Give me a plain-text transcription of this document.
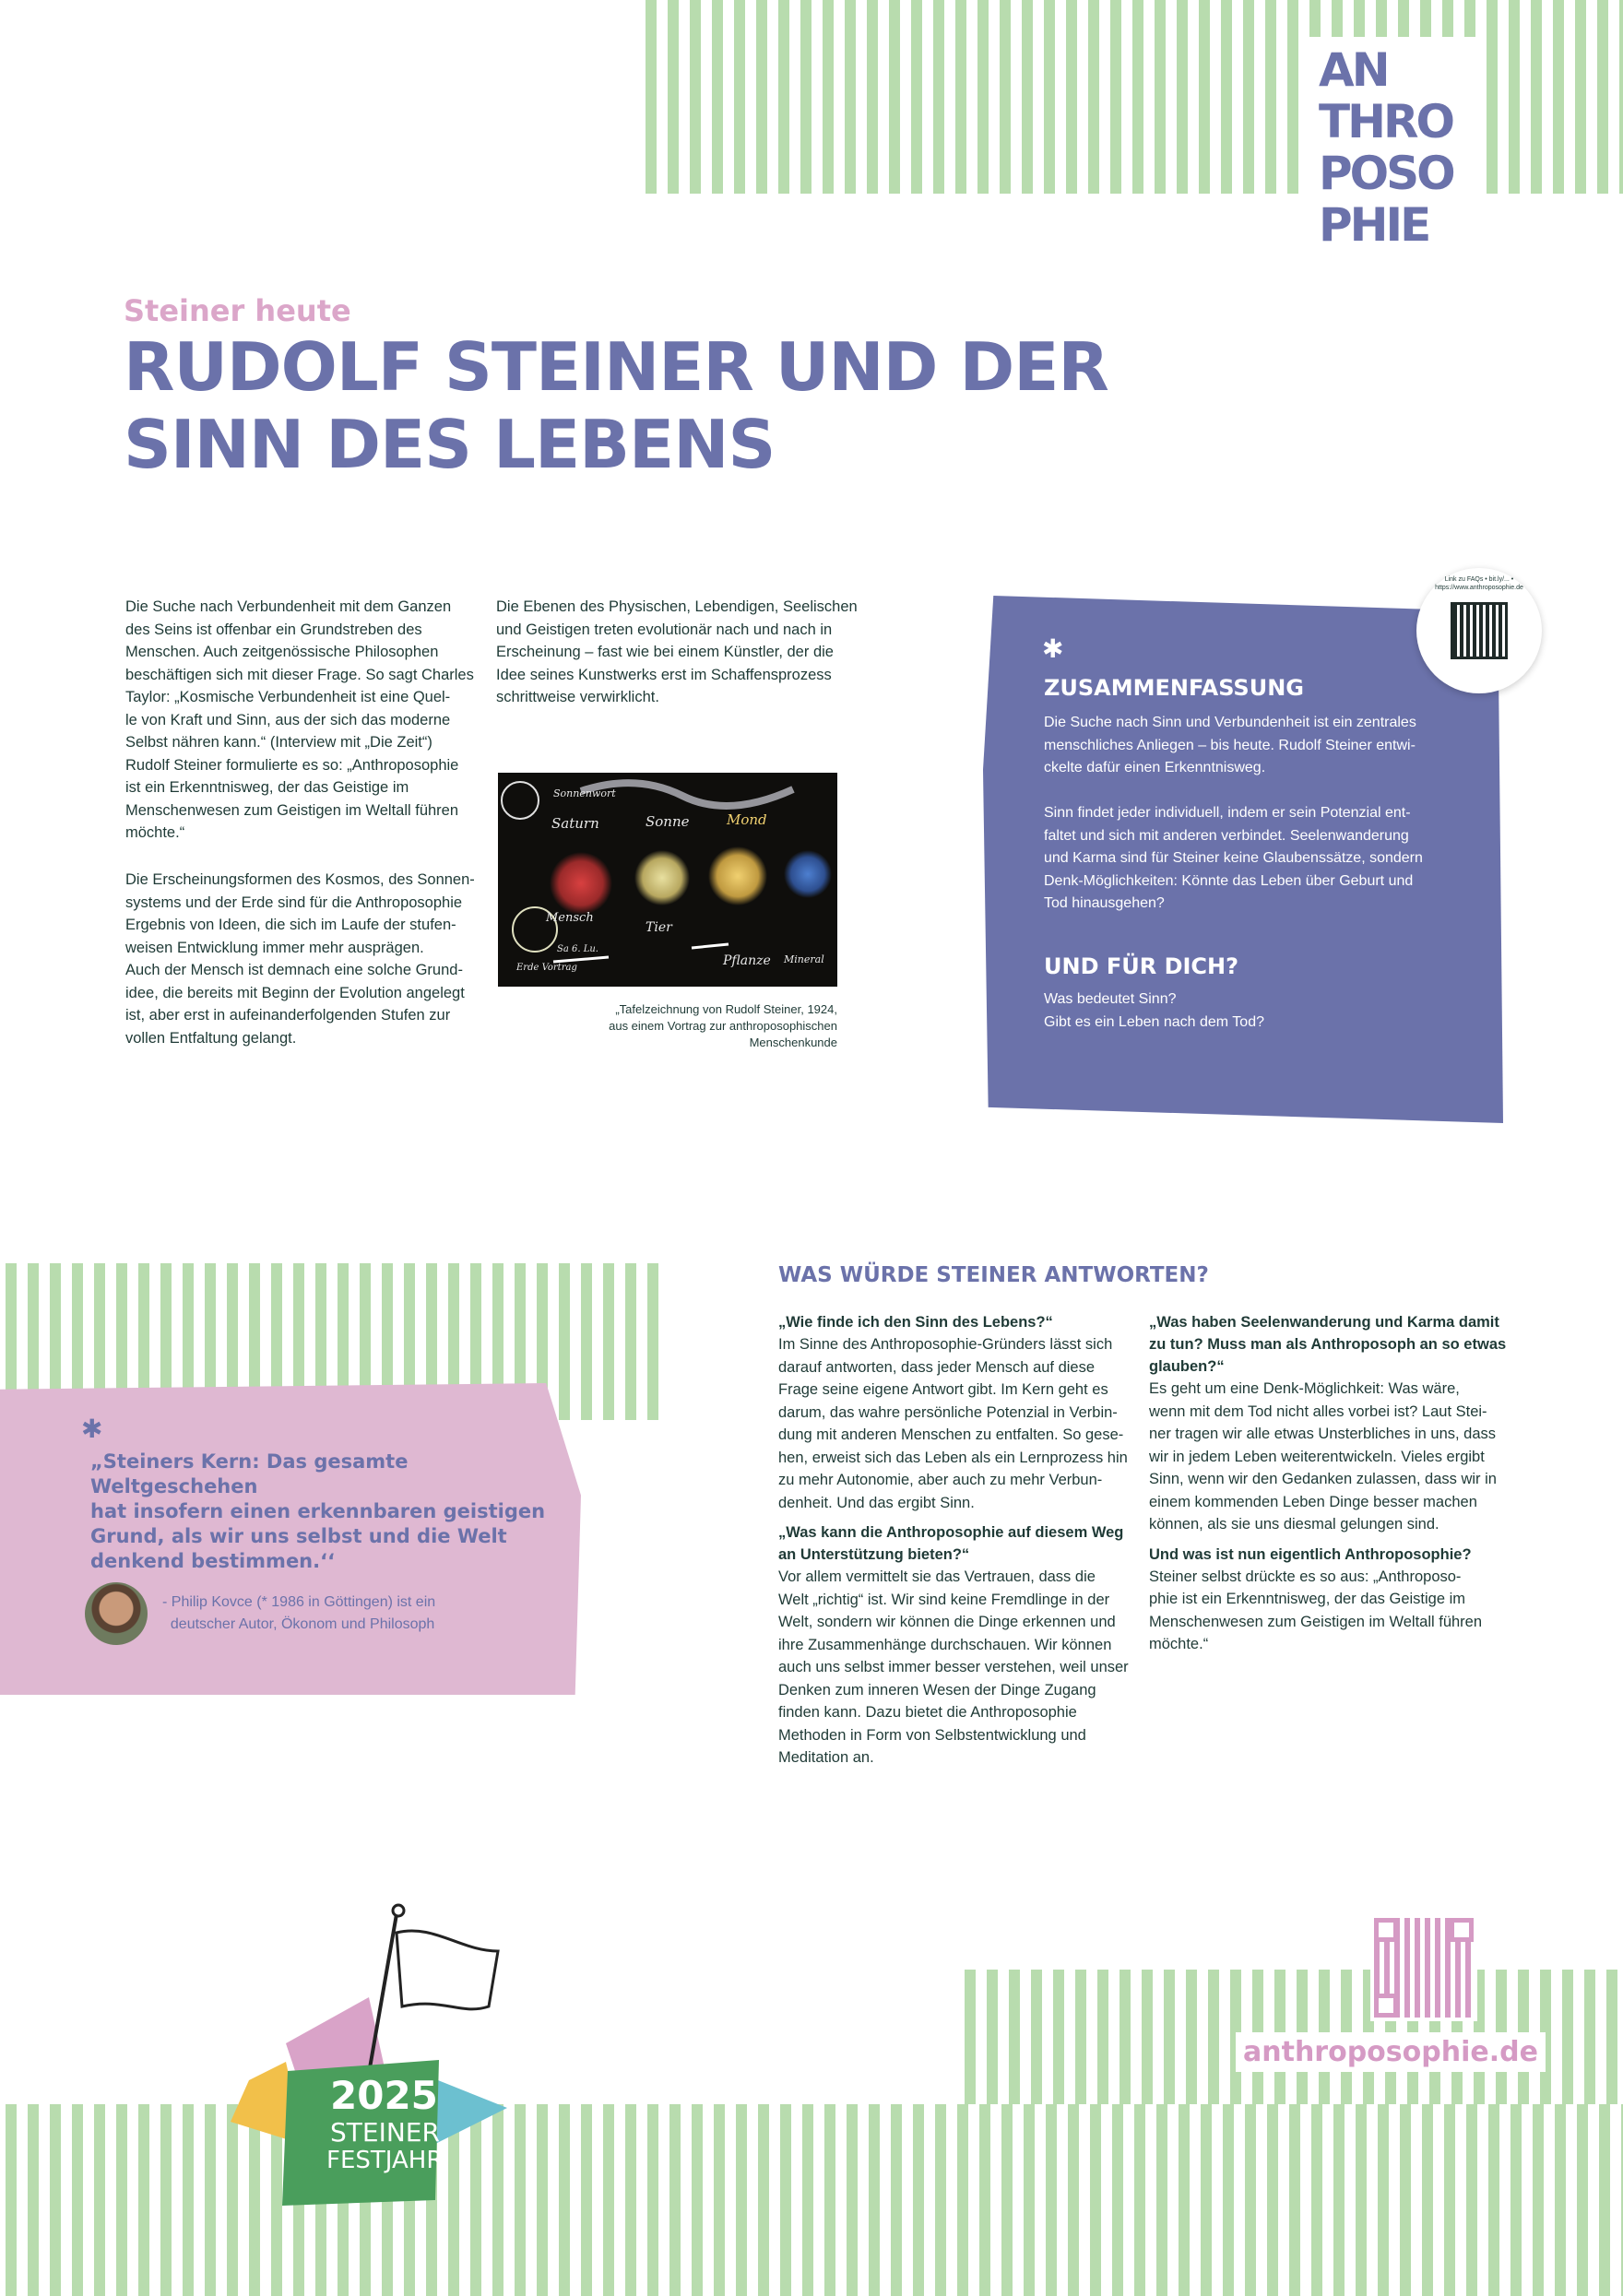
AN
THRO
POSO
PHIE
Steiner heute
RUDOLF STEINER UND DER
SINN DES LEBENS

Die Suche nach Verbundenheit mit dem Ganzen
des Seins ist offenbar ein Grundstreben des
Menschen. Auch zeitgenössische Philosophen
beschäftigen sich mit dieser Frage. So sagt Charles
Taylor: „Kosmische Verbundenheit ist eine Quel-
le von Kraft und Sinn, aus der sich das moderne
Selbst nähren kann.“ (Interview mit „Die Zeit“)
Rudolf Steiner formulierte es so: „Anthroposophie
ist ein Erkenntnisweg, der das Geistige im
Menschenwesen zum Geistigen im Weltall führen
möchte.“

Die Erscheinungsformen des Kosmos, des Sonnen-
systems und der Erde sind für die Anthroposophie
Ergebnis von Ideen, die sich im Laufe der stufen-
weisen Entwicklung immer mehr ausprägen.
Auch der Mensch ist demnach eine solche Grund-
idee, die bereits mit Beginn der Evolution angelegt
ist, aber erst in aufeinanderfolgenden Stufen zur
vollen Entfaltung gelangt.

Die Ebenen des Physischen, Lebendigen, Seelischen
und Geistigen treten evolutionär nach und nach in
Erscheinung – fast wie bei einem Künstler, der die
Idee seines Kunstwerks erst im Schaffensprozess
schrittweise verwirklicht.

Saturn	Sonne	Mond
Mensch
Tier
Pflanze Mineral
Sonnenwort
Sa 6. Lu.
Erde Vortrag

„Tafelzeichnung von Rudolf Steiner, 1924,
aus einem Vortrag zur anthroposophischen
Menschenkunde

✱
ZUSAMMENFASSUNG

Die Suche nach Sinn und Verbundenheit ist ein zentrales
menschliches Anliegen – bis heute. Rudolf Steiner entwi-
ckelte dafür einen Erkenntnisweg.

Sinn findet jeder individuell, indem er sein Potenzial ent-
faltet und sich mit anderen verbindet. Seelenwanderung
und Karma sind für Steiner keine Glaubenssätze, sondern
Denk-Möglichkeiten: Könnte das Leben über Geburt und
Tod hinausgehen?

UND FÜR DICH?

Was bedeutet Sinn?
Gibt es ein Leben nach dem Tod?

Link zu FAQs • bit.ly/... • https://www.anthroposophie.de
✱

„Steiners Kern: Das gesamte Weltgeschehen
hat insofern einen erkennbaren geistigen
Grund, als wir uns selbst und die Welt
denkend bestimmen.‘‘

- Philip Kovce (* 1986 in Göttingen) ist ein
deutscher Autor, Ökonom und Philosoph

WAS WÜRDE STEINER ANTWORTEN?

„Wie finde ich den Sinn des Lebens?“

Im Sinne des Anthroposophie-Gründers lässt sich
darauf antworten, dass jeder Mensch auf diese
Frage seine eigene Antwort gibt. Im Kern geht es
darum, das wahre persönliche Potenzial in Verbin-
dung mit anderen Menschen zu entfalten. So gese-
hen, erweist sich das Leben als ein Lernprozess hin
zu mehr Autonomie, aber auch zu mehr Verbun-
denheit. Und das ergibt Sinn.

„Was kann die Anthroposophie auf diesem Weg
an Unterstützung bieten?“

Vor allem vermittelt sie das Vertrauen, dass die
Welt „richtig“ ist. Wir sind keine Fremdlinge in der
Welt, sondern wir können die Dinge erkennen und
ihre Zusammenhänge durchschauen. Wir können
auch uns selbst immer besser verstehen, weil unser
Denken zum inneren Wesen der Dinge Zugang
finden kann. Dazu bietet die Anthroposophie
Methoden in Form von Selbstentwicklung und
Meditation an.

„Was haben Seelenwanderung und Karma damit
zu tun? Muss man als Anthroposoph an so etwas
glauben?“

Es geht um eine Denk-Möglichkeit: Was wäre,
wenn mit dem Tod nicht alles vorbei ist? Laut Stei-
ner tragen wir alle etwas Unsterbliches in uns, dass
wir in jedem Leben weiterentwickeln. Vieles ergibt
Sinn, wenn wir den Gedanken zulassen, dass wir in
einem kommenden Leben Dinge besser machen
können, als sie uns diesmal gelungen sind.

Und was ist nun eigentlich Anthroposophie?

Steiner selbst drückte es so aus: „Anthroposo-
phie ist ein Erkenntnisweg, der das Geistige im
Menschenwesen zum Geistigen im Weltall führen
möchte.“

anthroposophie.de
2025
STEINER
FESTJAHR
